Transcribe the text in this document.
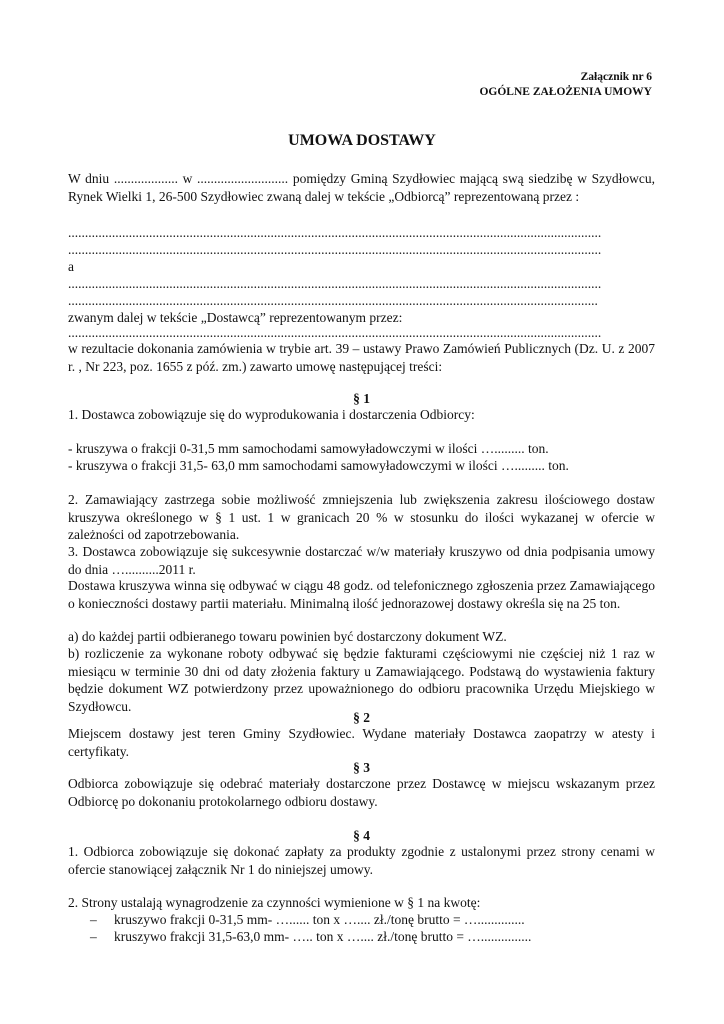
Załącznik nr 6
OGÓLNE ZAŁOŻENIA UMOWY
UMOWA DOSTAWY
W dniu ................... w ........................... pomiędzy Gminą Szydłowiec mającą swą siedzibę w Szydłowcu, Rynek Wielki 1, 26-500 Szydłowiec zwaną dalej w tekście „Odbiorcą” reprezentowaną przez :
..............................................................................................................................................................
..............................................................................................................................................................
a
..............................................................................................................................................................
.............................................................................................................................................................
zwanym dalej w tekście „Dostawcą” reprezentowanym przez:
..............................................................................................................................................................
w rezultacie dokonania zamówienia w trybie art. 39 – ustawy Prawo Zamówień Publicznych (Dz. U. z 2007 r. , Nr 223, poz. 1655 z póź. zm.) zawarto umowę następującej treści:
§ 1
1. Dostawca zobowiązuje się do wyprodukowania i dostarczenia Odbiorcy:
- kruszywa o frakcji 0-31,5 mm samochodami samowyładowczymi w ilości …......... ton.
- kruszywa o frakcji 31,5- 63,0 mm samochodami samowyładowczymi w ilości …......... ton.
2. Zamawiający zastrzega sobie możliwość zmniejszenia lub zwiększenia zakresu ilościowego dostaw kruszywa określonego w § 1 ust. 1 w granicach 20 % w stosunku do ilości wykazanej w ofercie w zależności od zapotrzebowania.
3. Dostawca zobowiązuje się sukcesywnie dostarczać w/w materiały kruszywo od dnia podpisania umowy do dnia …..........2011 r.
Dostawa kruszywa winna się odbywać w ciągu 48 godz. od telefonicznego zgłoszenia przez Zamawiającego o konieczności dostawy partii materiału. Minimalną ilość jednorazowej dostawy określa się na 25 ton.
a) do każdej partii odbieranego towaru powinien być dostarczony dokument WZ.
b) rozliczenie za wykonane roboty odbywać się będzie fakturami częściowymi nie częściej niż 1 raz w miesiącu w terminie 30 dni od daty złożenia faktury u Zamawiającego. Podstawą do wystawienia faktury będzie dokument WZ potwierdzony przez upoważnionego do odbioru pracownika Urzędu Miejskiego w Szydłowcu.
§ 2
Miejscem dostawy jest teren Gminy Szydłowiec. Wydane materiały Dostawca zaopatrzy w atesty i certyfikaty.
§ 3
Odbiorca zobowiązuje się odebrać materiały dostarczone przez Dostawcę w miejscu wskazanym przez Odbiorcę po dokonaniu protokolarnego odbioru dostawy.
§ 4
1. Odbiorca zobowiązuje się dokonać zapłaty za produkty zgodnie z ustalonymi przez strony cenami w ofercie stanowiącej załącznik Nr 1 do niniejszej umowy.
2. Strony ustalają wynagrodzenie za czynności wymienione w § 1 na kwotę:
– kruszywo frakcji 0-31,5 mm- …...... ton x ….... zł./tonę brutto = …..............
– kruszywo frakcji 31,5-63,0 mm- ….. ton x ….... zł./tonę brutto = …...............
